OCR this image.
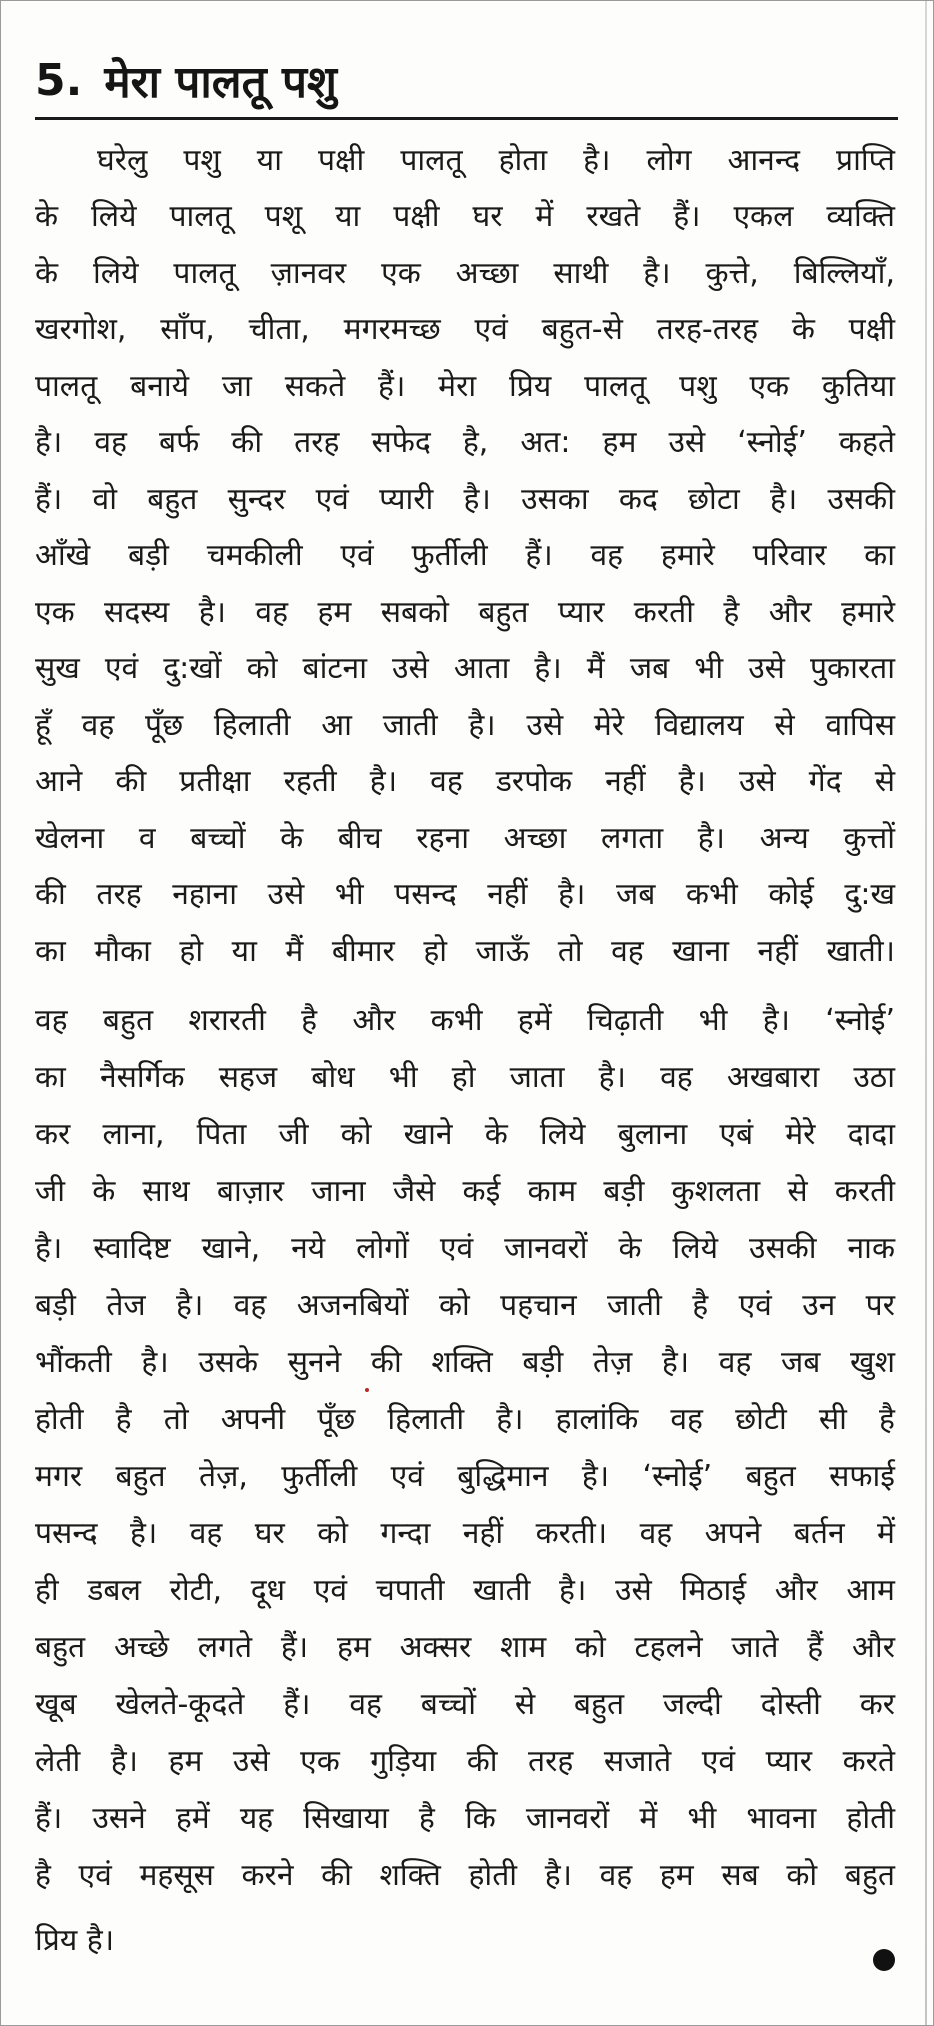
5. मेरा पालतू पशु
घरेलु पशु या पक्षी पालतू होता है। लोग आनन्द प्राप्ति
के लिये पालतू पशू या पक्षी घर में रखते हैं। एकल व्यक्ति
के लिये पालतू ज़ानवर एक अच्छा साथी है। कुत्ते, बिल्लियाँ,
खरगोश, साँप, चीता, मगरमच्छ एवं बहुत-से तरह-तरह के पक्षी
पालतू बनाये जा सकते हैं। मेरा प्रिय पालतू पशु एक कुतिया
है। वह बर्फ की तरह सफेद है, अत: हम उसे ‘स्नोई’ कहते
हैं। वो बहुत सुन्दर एवं प्यारी है। उसका कद छोटा है। उसकी
आँखे बड़ी चमकीली एवं फुर्तीली हैं। वह हमारे परिवार का
एक सदस्य है। वह हम सबको बहुत प्यार करती है और हमारे
सुख एवं दु:खों को बांटना उसे आता है। मैं जब भी उसे पुकारता
हूँ वह पूँछ हिलाती आ जाती है। उसे मेरे विद्यालय से वापिस
आने की प्रतीक्षा रहती है। वह डरपोक नहीं है। उसे गेंद से
खेलना व बच्चों के बीच रहना अच्छा लगता है। अन्य कुत्तों
की तरह नहाना उसे भी पसन्द नहीं है। जब कभी कोई दु:ख
का मौका हो या मैं बीमार हो जाऊँ तो वह खाना नहीं खाती।
वह बहुत शरारती है और कभी हमें चिढ़ाती भी है। ‘स्नोई’
का नैसर्गिक सहज बोध भी हो जाता है। वह अखबारा उठा
कर लाना, पिता जी को खाने के लिये बुलाना एबं मेरे दादा
जी के साथ बाज़ार जाना जैसे कई काम बड़ी कुशलता से करती
है। स्वादिष्ट खाने, नये लोगों एवं जानवरों के लिये उसकी नाक
बड़ी तेज है। वह अजनबियों को पहचान जाती है एवं उन पर
भौंकती है। उसके सुनने की शक्ति बड़ी तेज़ है। वह जब खुश
होती है तो अपनी पूँछ हिलाती है। हालांकि वह छोटी सी है
मगर बहुत तेज़, फुर्तीली एवं बुद्धिमान है। ‘स्नोई’ बहुत सफाई
पसन्द है। वह घर को गन्दा नहीं करती। वह अपने बर्तन में
ही डबल रोटी, दूध एवं चपाती खाती है। उसे मिठाई और आम
बहुत अच्छे लगते हैं। हम अक्सर शाम को टहलने जाते हैं और
खूब खेलते-कूदते हैं। वह बच्चों से बहुत जल्दी दोस्ती कर
लेती है। हम उसे एक गुड़िया की तरह सजाते एवं प्यार करते
हैं। उसने हमें यह सिखाया है कि जानवरों में भी भावना होती
है एवं महसूस करने की शक्ति होती है। वह हम सब को बहुत
प्रिय है।
